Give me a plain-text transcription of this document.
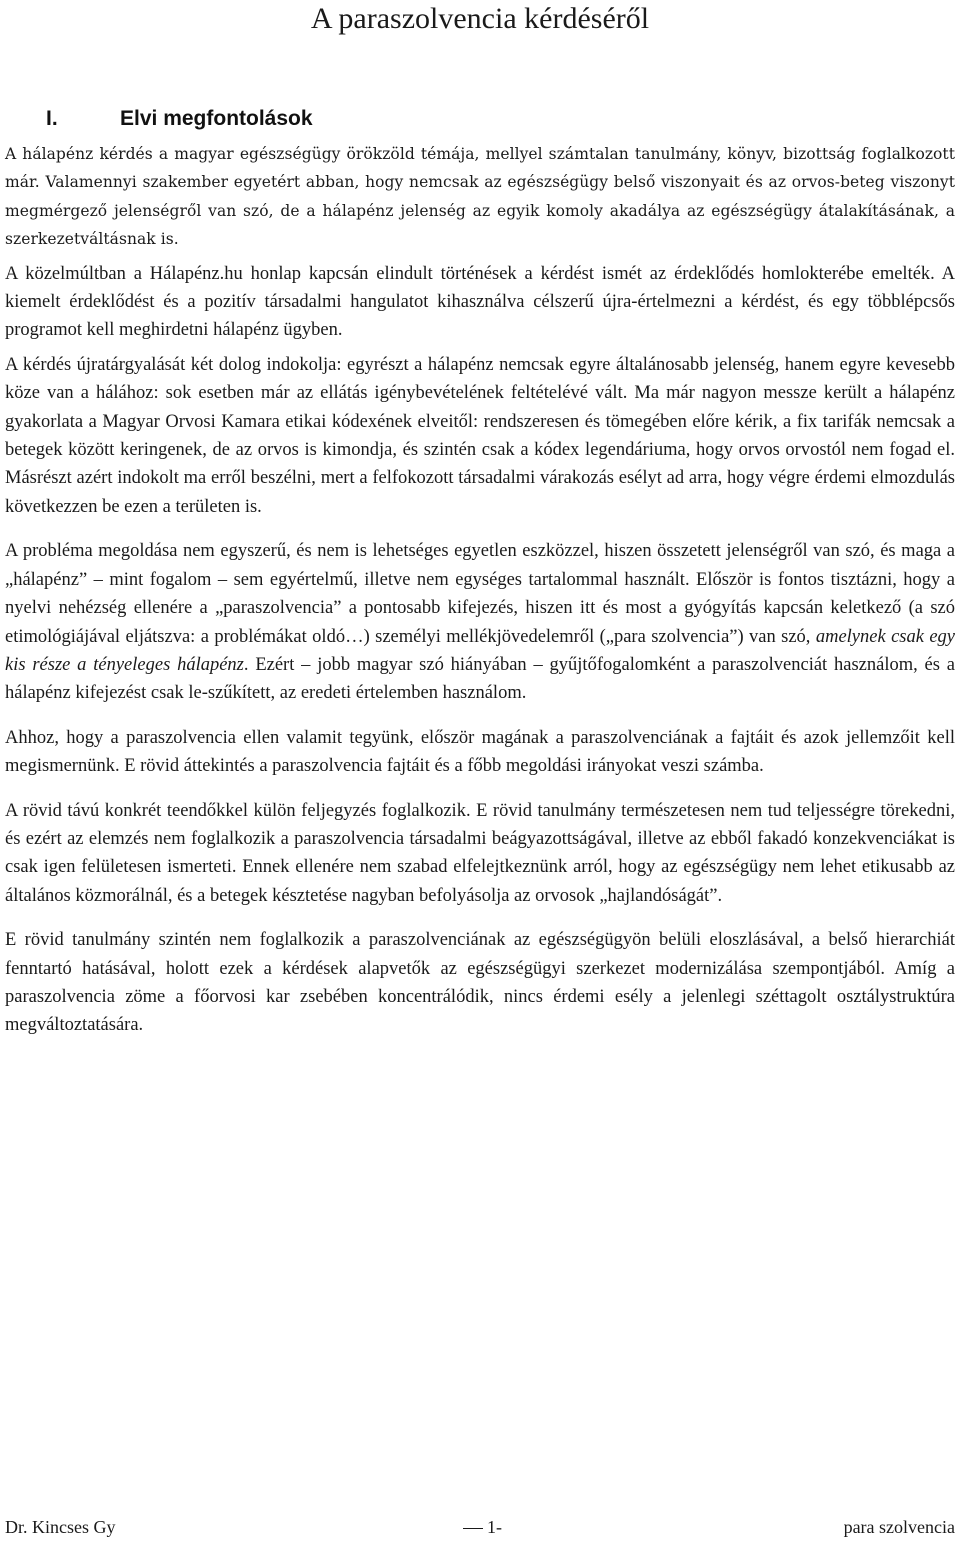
A paraszolvencia kérdéséről
I.	Elvi megfontolások

A hálapénz kérdés a magyar egészségügy örökzöld témája, mellyel számtalan tanulmány, könyv, bizottság foglalkozott már. Valamennyi szakember egyetért abban, hogy nemcsak az egészségügy belső viszonyait és az orvos-beteg viszonyt megmérgező jelenségről van szó, de a hálapénz jelenség az egyik komoly akadálya az egészségügy átalakításának, a szerkezetváltásnak is.

A közelmúltban a Hálapénz.hu honlap kapcsán elindult történések a kérdést ismét az érdeklődés homlokterébe emelték. A kiemelt érdeklődést és a pozitív társadalmi hangulatot kihasználva célszerű újra-értelmezni a kérdést, és egy többlépcsős programot kell meghirdetni hálapénz ügyben.

A kérdés újratárgyalását két dolog indokolja: egyrészt a hálapénz nemcsak egyre általánosabb jelenség, hanem egyre kevesebb köze van a hálához: sok esetben már az ellátás igénybevételének feltételévé vált. Ma már nagyon messze került a hálapénz gyakorlata a Magyar Orvosi Kamara etikai kódexének elveitől: rendszeresen és tömegében előre kérik, a fix tarifák nemcsak a betegek között keringenek, de az orvos is kimondja, és szintén csak a kódex legendáriuma, hogy orvos orvostól nem fogad el. Másrészt azért indokolt ma erről beszélni, mert a felfokozott társadalmi várakozás esélyt ad arra, hogy végre érdemi elmozdulás következzen be ezen a területen is.

A probléma megoldása nem egyszerű, és nem is lehetséges egyetlen eszközzel, hiszen összetett jelenségről van szó, és maga a „hálapénz” – mint fogalom – sem egyértelmű, illetve nem egységes tartalommal használt. Először is fontos tisztázni, hogy a nyelvi nehézség ellenére a „paraszolvencia” a pontosabb kifejezés, hiszen itt és most a gyógyítás kapcsán keletkező (a szó etimológiájával eljátszva: a problémákat oldó…) személyi mellékjövedelemről („para szolvencia”) van szó, amelynek csak egy kis része a tényeleges hálapénz. Ezért – jobb magyar szó hiányában – gyűjtőfogalomként a paraszolvenciát használom, és a hálapénz kifejezést csak le-szűkített, az eredeti értelemben használom.

Ahhoz, hogy a paraszolvencia ellen valamit tegyünk, először magának a paraszolvenciának a fajtáit és azok jellemzőit kell megismernünk. E rövid áttekintés a paraszolvencia fajtáit és a főbb megoldási irányokat veszi számba.

A rövid távú konkrét teendőkkel külön feljegyzés foglalkozik. E rövid tanulmány természetesen nem tud teljességre törekedni, és ezért az elemzés nem foglalkozik a paraszolvencia társadalmi beágyazottságával, illetve az ebből fakadó konzekvenciákat is csak igen felületesen ismerteti. Ennek ellenére nem szabad elfelejtkeznünk arról, hogy az egészségügy nem lehet etikusabb az általános közmorálnál, és a betegek késztetése nagyban befolyásolja az orvosok „hajlandóságát”.

E rövid tanulmány szintén nem foglalkozik a paraszolvenciának az egészségügyön belüli eloszlásával, a belső hierarchiát fenntartó hatásával, holott ezek a kérdések alapvetők az egészségügyi szerkezet modernizálása szempontjából. Amíg a paraszolvencia zöme a főorvosi kar zsebében koncentrálódik, nincs érdemi esély a jelenlegi széttagolt osztálystruktúra megváltoztatására.

Dr. Kincses Gy	1-	para szolvencia
